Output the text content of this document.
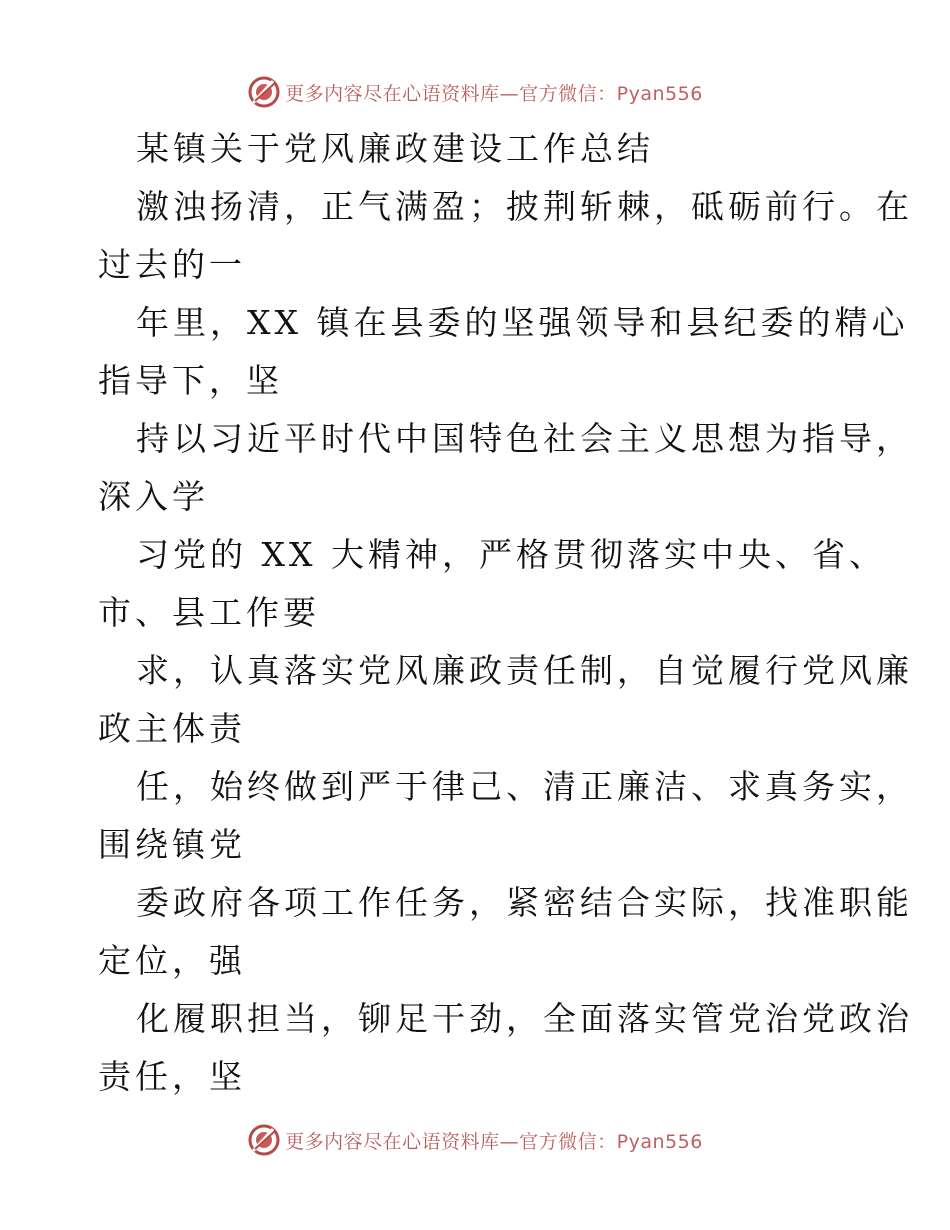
更多内容尽在心语资料库—官方微信：Pyan556
某镇关于党风廉政建设工作总结
激浊扬清，正气满盈；披荆斩棘，砥砺前行。在
过去的一
年里，XX 镇在县委的坚强领导和县纪委的精心
指导下，坚
持以习近平时代中国特色社会主义思想为指导，
深入学
习党的 XX 大精神，严格贯彻落实中央、省、
市、县工作要
求，认真落实党风廉政责任制，自觉履行党风廉
政主体责
任，始终做到严于律己、清正廉洁、求真务实，
围绕镇党
委政府各项工作任务，紧密结合实际，找准职能
定位，强
化履职担当，铆足干劲，全面落实管党治党政治
责任，坚
更多内容尽在心语资料库—官方微信：Pyan556
